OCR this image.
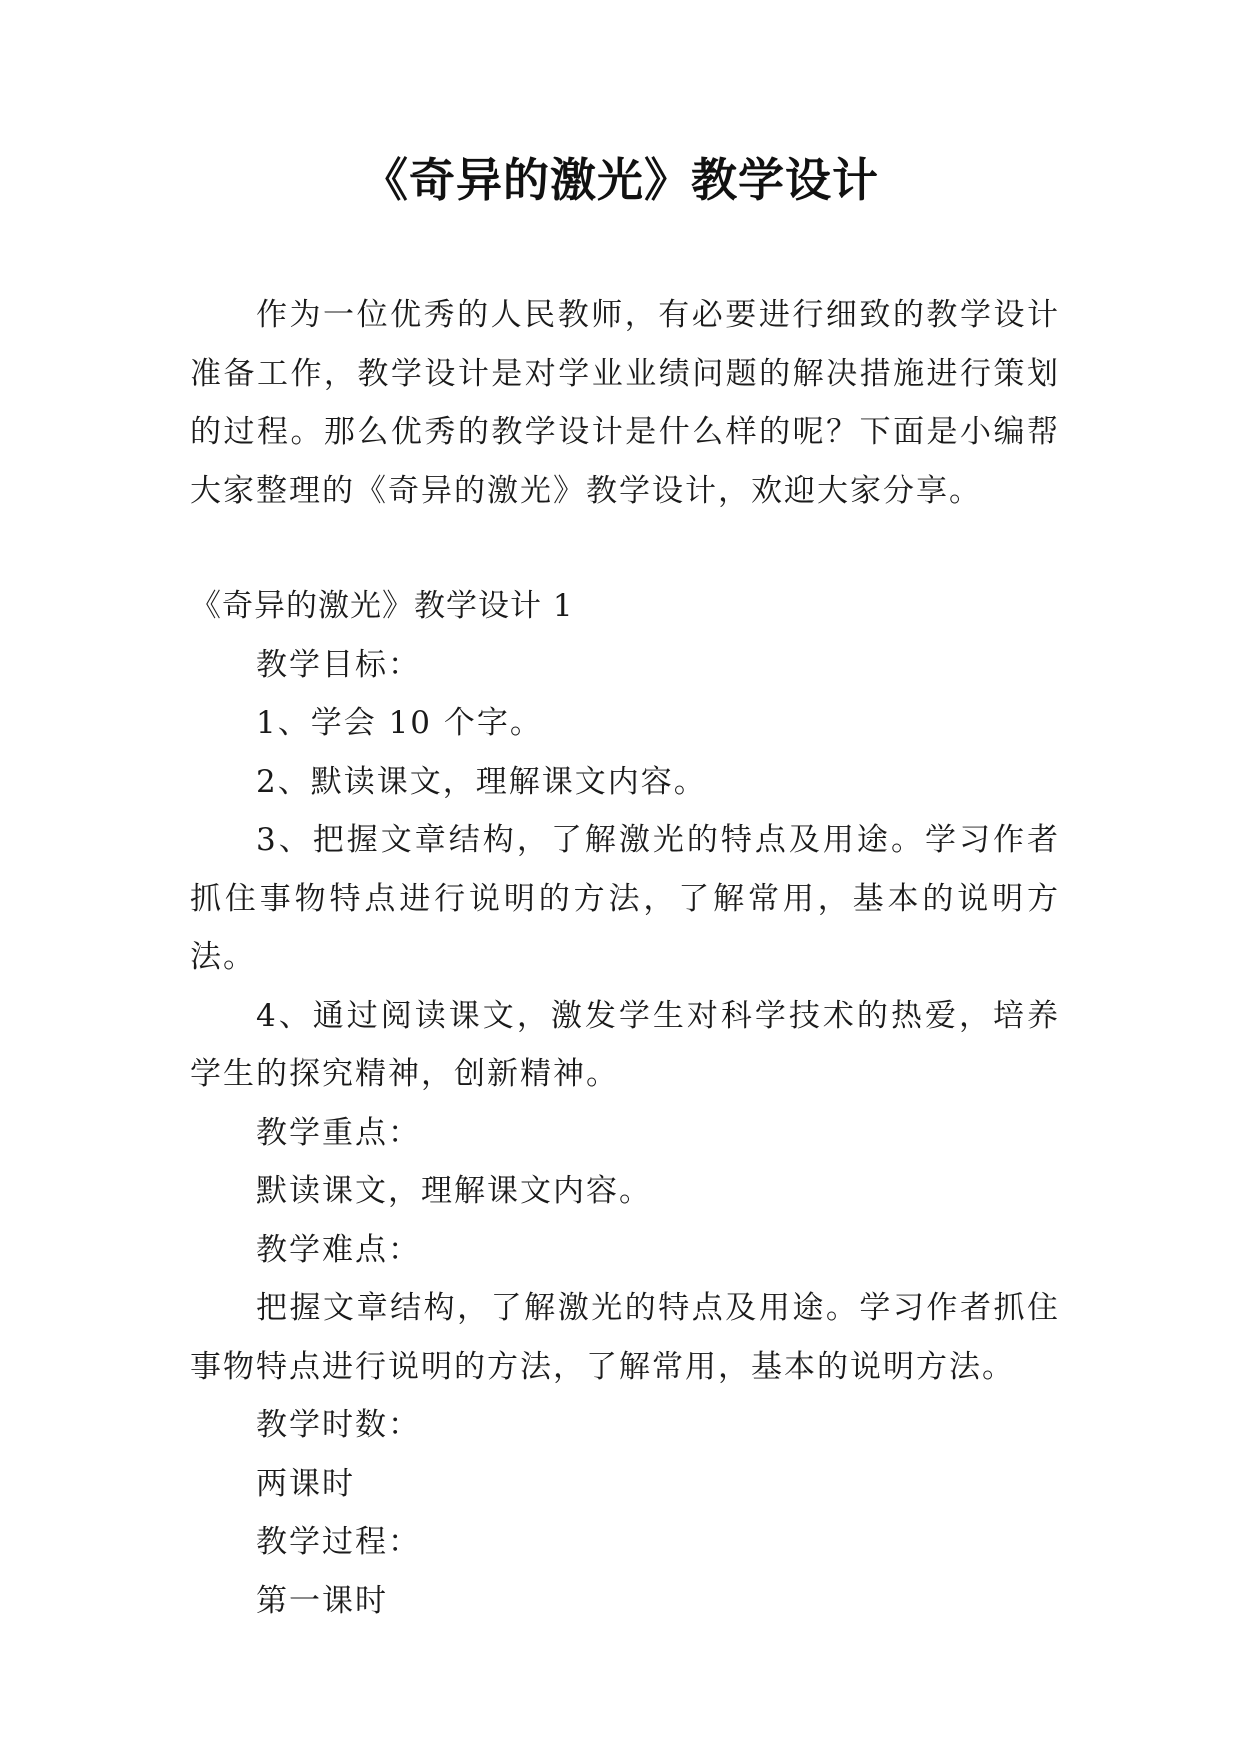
《奇异的激光》教学设计
作为一位优秀的人民教师，有必要进行细致的教学设计准备工作，教学设计是对学业业绩问题的解决措施进行策划的过程。那么优秀的教学设计是什么样的呢？下面是小编帮大家整理的《奇异的激光》教学设计，欢迎大家分享。

《奇异的激光》教学设计 1

教学目标：

1、学会 10 个字。

2、默读课文，理解课文内容。

3、把握文章结构，了解激光的特点及用途。学习作者抓住事物特点进行说明的方法，了解常用，基本的说明方法。

4、通过阅读课文，激发学生对科学技术的热爱，培养学生的探究精神，创新精神。

教学重点：

默读课文，理解课文内容。

教学难点：

把握文章结构，了解激光的特点及用途。学习作者抓住事物特点进行说明的方法，了解常用，基本的说明方法。

教学时数：

两课时

教学过程：

第一课时
